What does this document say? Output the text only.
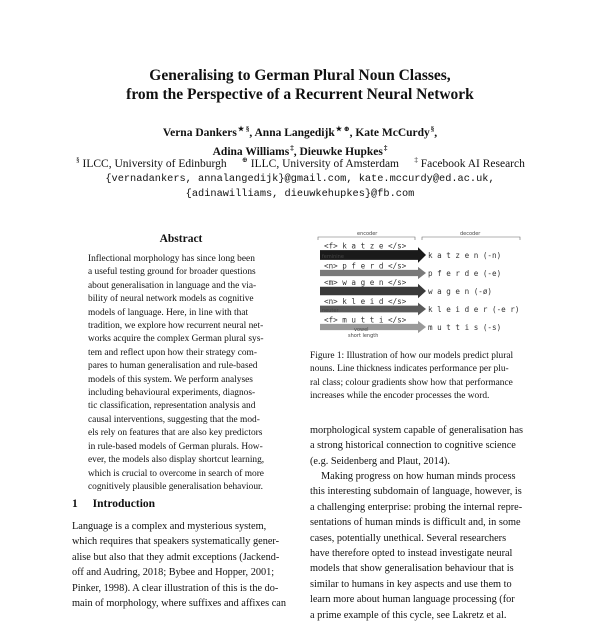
Generalising to German Plural Noun Classes,
from the Perspective of a Recurrent Neural Network
Verna Dankers★ §, Anna Langedijk★ ⊕, Kate McCurdy§,
Adina Williams‡, Dieuwke Hupkes‡
§ ILCC, University of Edinburgh ⊕ ILLC, University of Amsterdam ‡ Facebook AI Research
{vernadankers, annalangedijk}@gmail.com, kate.mccurdy@ed.ac.uk,
{adinawilliams, dieuwkehupkes}@fb.com
Abstract
Inflectional morphology has since long been
a useful testing ground for broader questions
about generalisation in language and the via-
bility of neural network models as cognitive
models of language. Here, in line with that
tradition, we explore how recurrent neural net-
works acquire the complex German plural sys-
tem and reflect upon how their strategy com-
pares to human generalisation and rule-based
models of this system. We perform analyses
including behavioural experiments, diagnos-
tic classification, representation analysis and
causal interventions, suggesting that the mod-
els rely on features that are also key predictors
in rule-based models of German plurals. How-
ever, the models also display shortcut learning,
which is crucial to overcome in search of more
cognitively plausible generalisation behaviour.
1 Introduction
Language is a complex and mysterious system,
which requires that speakers systematically gener-
alise but also that they admit exceptions (Jackend-
off and Audring, 2018; Bybee and Hopper, 2001;
Pinker, 1998). A clear illustration of this is the do-
main of morphology, where suffixes and affixes can
encoder	decoder
<f> k a t z e </s>
k a t z e n (-n)
<n> p f e r d </s>
p f e r d e (-e)
<m> w a g e n </s>
w a g e n (-ø)
<n> k l e i d </s>
k l e i d e r (-e r)
<f> m u t t i </s>
m u t t i s (-s)
feminine
neuter
vowel
short length
Figure 1: Illustration of how our models predict plural
nouns. Line thickness indicates performance per plu-
ral class; colour gradients show how that performance
increases while the encoder processes the word.
morphological system capable of generalisation has
a strong historical connection to cognitive science
(e.g. Seidenberg and Plaut, 2014).
Making progress on how human minds process
this interesting subdomain of language, however, is
a challenging enterprise: probing the internal repre-
sentations of human minds is difficult and, in some
cases, potentially unethical. Several researchers
have therefore opted to instead investigate neural
models that show generalisation behaviour that is
similar to humans in key aspects and use them to
learn more about human language processing (for
a prime example of this cycle, see Lakretz et al.
